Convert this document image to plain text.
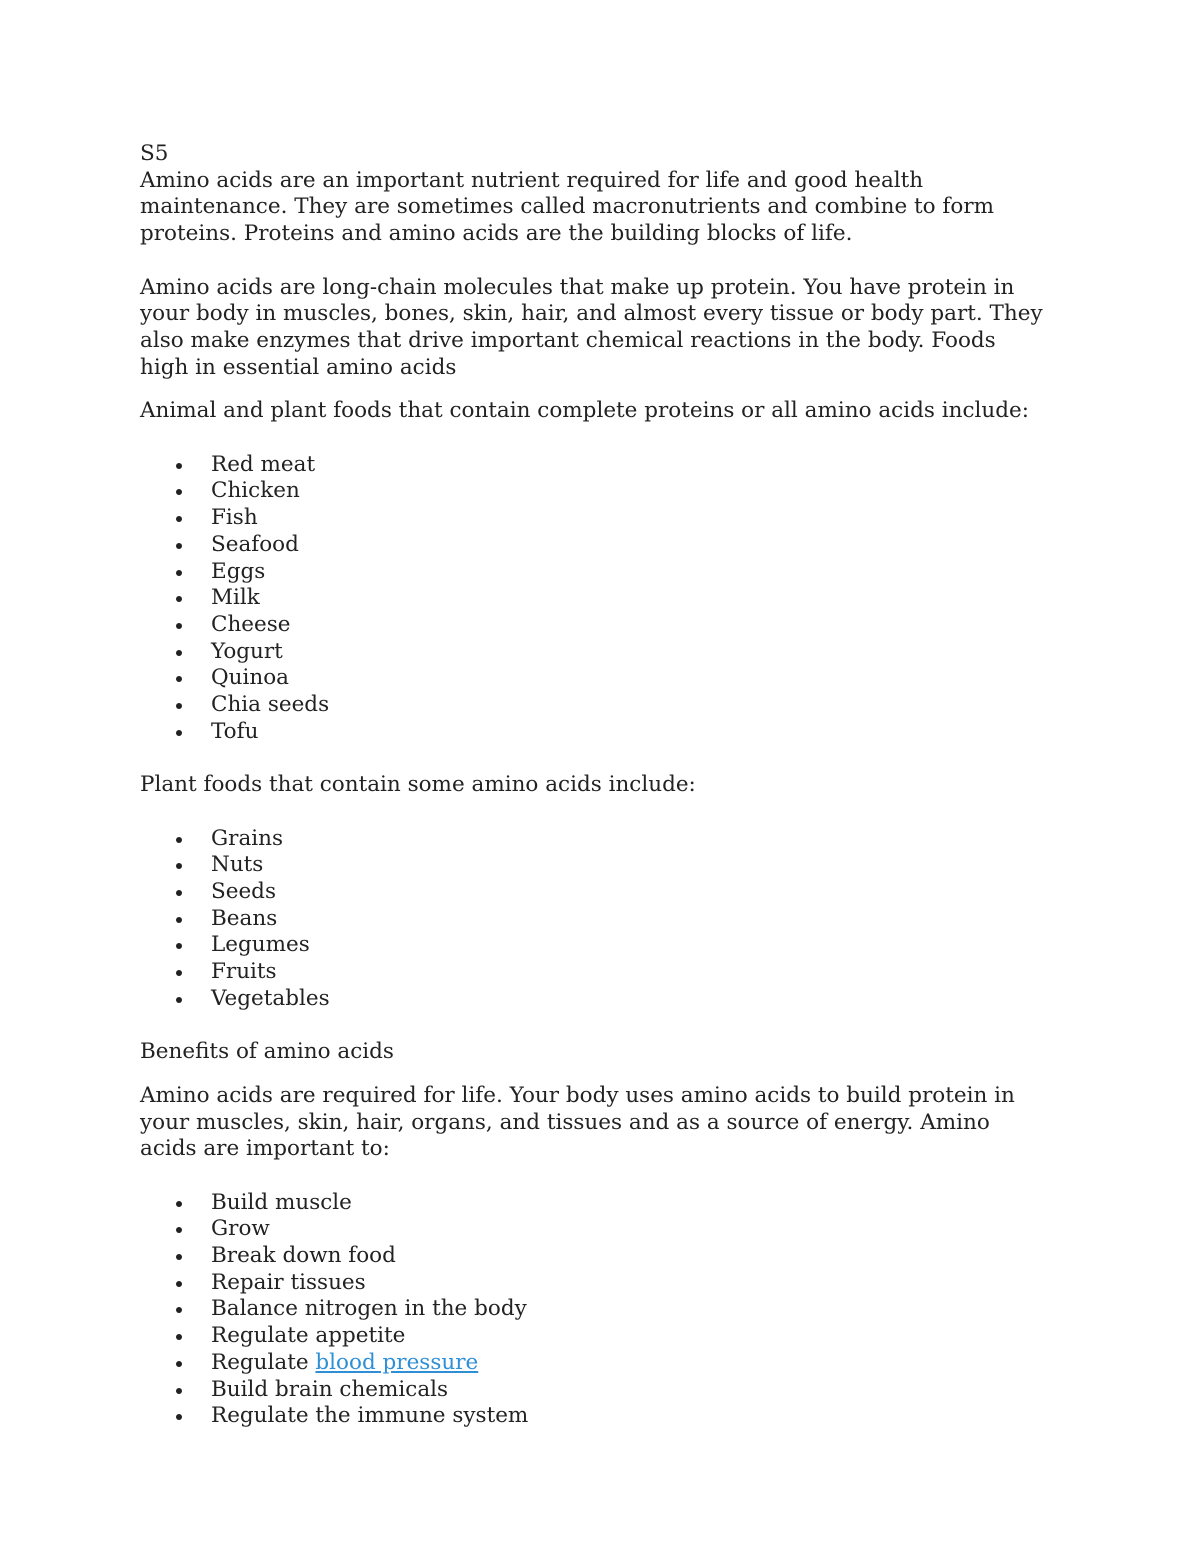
S5

Amino acids are an important nutrient required for life and good health maintenance. They are sometimes called macronutrients and combine to form proteins. Proteins and amino acids are the building blocks of life.

Amino acids are long-chain molecules that make up protein. You have protein in your body in muscles, bones, skin, hair, and almost every tissue or body part. They also make enzymes that drive important chemical reactions in the body. Foods high in essential amino acids

Animal and plant foods that contain complete proteins or all amino acids include:

Red meat
Chicken
Fish
Seafood
Eggs
Milk
Cheese
Yogurt
Quinoa
Chia seeds
Tofu

Plant foods that contain some amino acids include:

Grains
Nuts
Seeds
Beans
Legumes
Fruits
Vegetables

Benefits of amino acids

Amino acids are required for life. Your body uses amino acids to build protein in your muscles, skin, hair, organs, and tissues and as a source of energy. Amino acids are important to:

Build muscle
Grow
Break down food
Repair tissues
Balance nitrogen in the body
Regulate appetite
Regulate blood pressure
Build brain chemicals
Regulate the immune system
